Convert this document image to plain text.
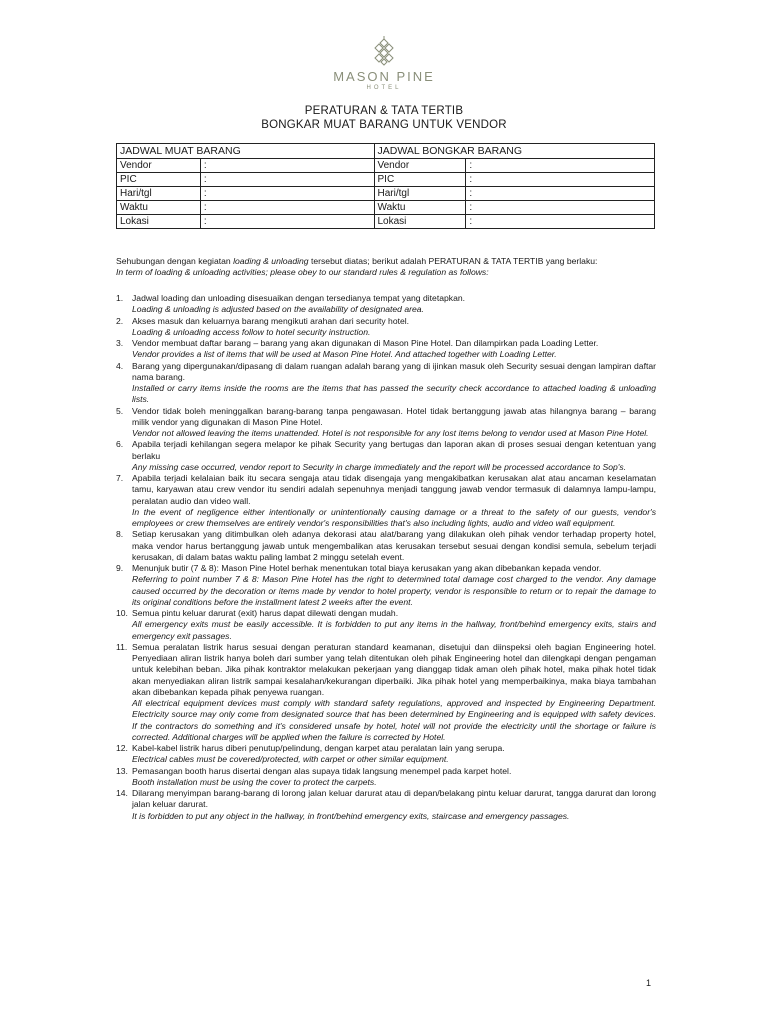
MASON PINE
HOTEL
PERATURAN & TATA TERTIB
BONGKAR MUAT BARANG UNTUK VENDOR
JADWAL MUAT BARANG		JADWAL BONGKAR BARANG	
Vendor	:	Vendor	:
PIC	:	PIC	:
Hari/tgl	:	Hari/tgl	:
Waktu	:	Waktu	:
Lokasi	:	Lokasi	:
Sehubungan dengan kegiatan loading & unloading tersebut diatas; berikut adalah PERATURAN & TATA TERTIB yang berlaku:
In term of loading & unloading activities; please obey to our standard rules & regulation as follows:
1. Jadwal loading dan unloading disesuaikan dengan tersedianya tempat yang ditetapkan.
Loading & unloading is adjusted based on the availability of designated area.
2. Akses masuk dan keluarnya barang mengikuti arahan dari security hotel.
Loading & unloading access follow to hotel security instruction.
3. Vendor membuat daftar barang – barang yang akan digunakan di Mason Pine Hotel. Dan dilampirkan pada Loading Letter.
Vendor provides a list of items that will be used at Mason Pine Hotel. And attached together with Loading Letter.
4. Barang yang dipergunakan/dipasang di dalam ruangan adalah barang yang di ijinkan masuk oleh Security sesuai dengan lampiran daftar nama barang.
Installed or carry items inside the rooms are the items that has passed the security check accordance to attached loading & unloading lists.
5. Vendor tidak boleh meninggalkan barang-barang tanpa pengawasan. Hotel tidak bertanggung jawab atas hilangnya barang – barang milik vendor yang digunakan di Mason Pine Hotel.
Vendor not allowed leaving the items unattended. Hotel is not responsible for any lost items belong to vendor used at Mason Pine Hotel.
6. Apabila terjadi kehilangan segera melapor ke pihak Security yang bertugas dan laporan akan di proses sesuai dengan ketentuan yang berlaku
Any missing case occurred, vendor report to Security in charge immediately and the report will be processed accordance to Sop's.
7. Apabila terjadi kelalaian baik itu secara sengaja atau tidak disengaja yang mengakibatkan kerusakan alat atau ancaman keselamatan tamu, karyawan atau crew vendor itu sendiri adalah sepenuhnya menjadi tanggung jawab vendor termasuk di dalamnya lampu-lampu, peralatan audio dan video wall.
In the event of negligence either intentionally or unintentionally causing damage or a threat to the safety of our guests, vendor's employees or crew themselves are entirely vendor's responsibilities that's also including lights, audio and video wall equipment.
8. Setiap kerusakan yang ditimbulkan oleh adanya dekorasi atau alat/barang yang dilakukan oleh pihak vendor terhadap property hotel, maka vendor harus bertanggung jawab untuk mengembalikan atas kerusakan tersebut sesuai dengan kondisi semula, sebelum terjadi kerusakan, di dalam batas waktu paling lambat 2 minggu setelah event.
9. Menunjuk butir (7 & 8): Mason Pine Hotel berhak menentukan total biaya kerusakan yang akan dibebankan kepada vendor.
Referring to point number 7 & 8: Mason Pine Hotel has the right to determined total damage cost charged to the vendor. Any damage caused occurred by the decoration or items made by vendor to hotel property, vendor is responsible to return or to repair the damage to its original conditions before the installment latest 2 weeks after the event.
10. Semua pintu keluar darurat (exit) harus dapat dilewati dengan mudah.
All emergency exits must be easily accessible. It is forbidden to put any items in the hallway, front/behind emergency exits, stairs and emergency exit passages.
11. Semua peralatan listrik harus sesuai dengan peraturan standard keamanan, disetujui dan diinspeksi oleh bagian Engineering hotel. Penyediaan aliran listrik hanya boleh dari sumber yang telah ditentukan oleh pihak Engineering hotel dan dilengkapi dengan pengaman untuk kelebihan beban. Jika pihak kontraktor melakukan pekerjaan yang dianggap tidak aman oleh pihak hotel, maka pihak hotel tidak akan menyediakan aliran listrik sampai kesalahan/kekurangan diperbaiki. Jika pihak hotel yang memperbaikinya, maka biaya tambahan akan dibebankan kepada pihak penyewa ruangan.
All electrical equipment devices must comply with standard safety regulations, approved and inspected by Engineering Department. Electricity source may only come from designated source that has been determined by Engineering and is equipped with safety devices. If the contractors do something and it's considered unsafe by hotel, hotel will not provide the electricity until the shortage or failure is corrected. Additional charges will be applied when the failure is corrected by Hotel.
12. Kabel-kabel listrik harus diberi penutup/pelindung, dengan karpet atau peralatan lain yang serupa.
Electrical cables must be covered/protected, with carpet or other similar equipment.
13. Pemasangan booth harus disertai dengan alas supaya tidak langsung menempel pada karpet hotel.
Booth installation must be using the cover to protect the carpets.
14. Dilarang menyimpan barang-barang di lorong jalan keluar darurat atau di depan/belakang pintu keluar darurat, tangga darurat dan lorong jalan keluar darurat.
It is forbidden to put any object in the hallway, in front/behind emergency exits, staircase and emergency passages.
1
